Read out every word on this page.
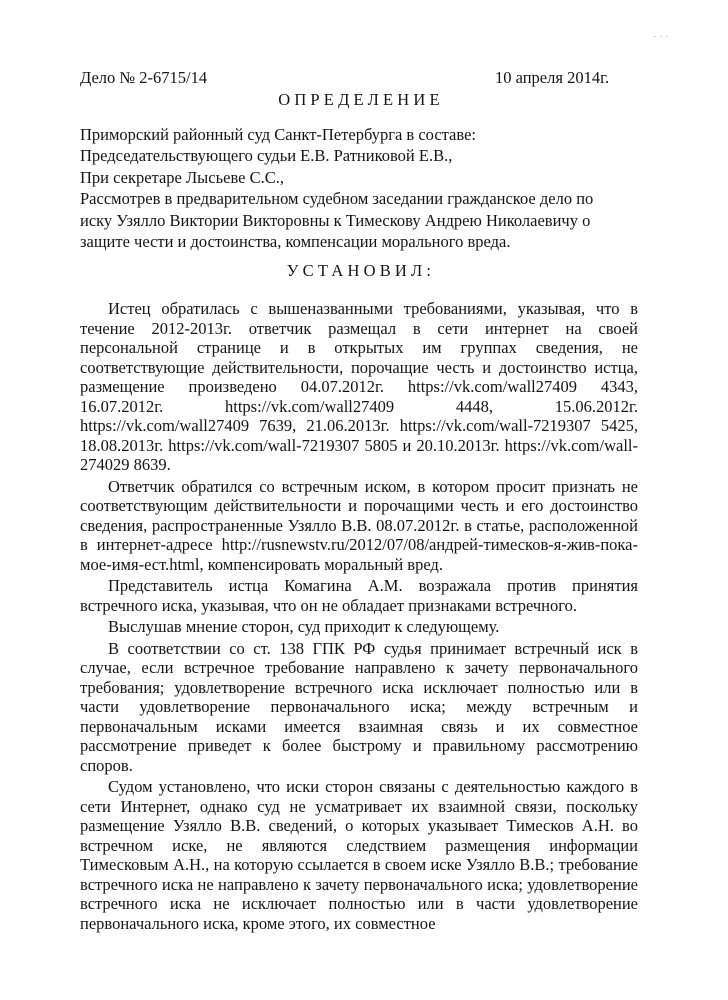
. . .
Дело № 2-6715/14	10 апреля 2014г.
ОПРЕДЕЛЕНИЕ
Приморский районный суд Санкт-Петербурга в составе:
Председательствующего судьи Е.В. Ратниковой Е.В.,
При секретаре Лысьеве С.С.,
Рассмотрев в предварительном судебном заседании гражданское дело по
иску Узялло Виктории Викторовны к Тимескову Андрею Николаевичу о
защите чести и достоинства, компенсации морального вреда.
УСТАНОВИЛ:

Истец обратилась с вышеназванными требованиями, указывая, что в течение 2012-2013г. ответчик размещал в сети интернет на своей персональной странице и в открытых им группах сведения, не соответствующие действительности, порочащие честь и достоинство истца, размещение произведено 04.07.2012г. https://vk.com/wall27409 4343, 16.07.2012г. https://vk.com/wall27409 4448, 15.06.2012г. https://vk.com/wall27409 7639, 21.06.2013г. https://vk.com/wall-7219307 5425, 18.08.2013г. https://vk.com/wall-7219307 5805 и 20.10.2013г. https://vk.com/wall-274029 8639.

Ответчик обратился со встречным иском, в котором просит признать не соответствующим действительности и порочащими честь и его достоинство сведения, распространенные Узялло В.В. 08.07.2012г. в статье, расположенной в интернет-адресе http://rusnewstv.ru/2012/07/08/андрей-тимесков-я-жив-пока-мое-имя-ест.html, компенсировать моральный вред.

Представитель истца Комагина А.М. возражала против принятия встречного иска, указывая, что он не обладает признаками встречного.

Выслушав мнение сторон, суд приходит к следующему.

В соответствии со ст. 138 ГПК РФ судья принимает встречный иск в случае, если встречное требование направлено к зачету первоначального требования; удовлетворение встречного иска исключает полностью или в части удовлетворение первоначального иска; между встречным и первоначальным исками имеется взаимная связь и их совместное рассмотрение приведет к более быстрому и правильному рассмотрению споров.

Судом установлено, что иски сторон связаны с деятельностью каждого в сети Интернет, однако суд не усматривает их взаимной связи, поскольку размещение Узялло В.В. сведений, о которых указывает Тимесков А.Н. во встречном иске, не являются следствием размещения информации Тимесковым А.Н., на которую ссылается в своем иске Узялло В.В.; требование встречного иска не направлено к зачету первоначального иска; удовлетворение встречного иска не исключает полностью или в части удовлетворение первоначального иска, кроме этого, их совместное
